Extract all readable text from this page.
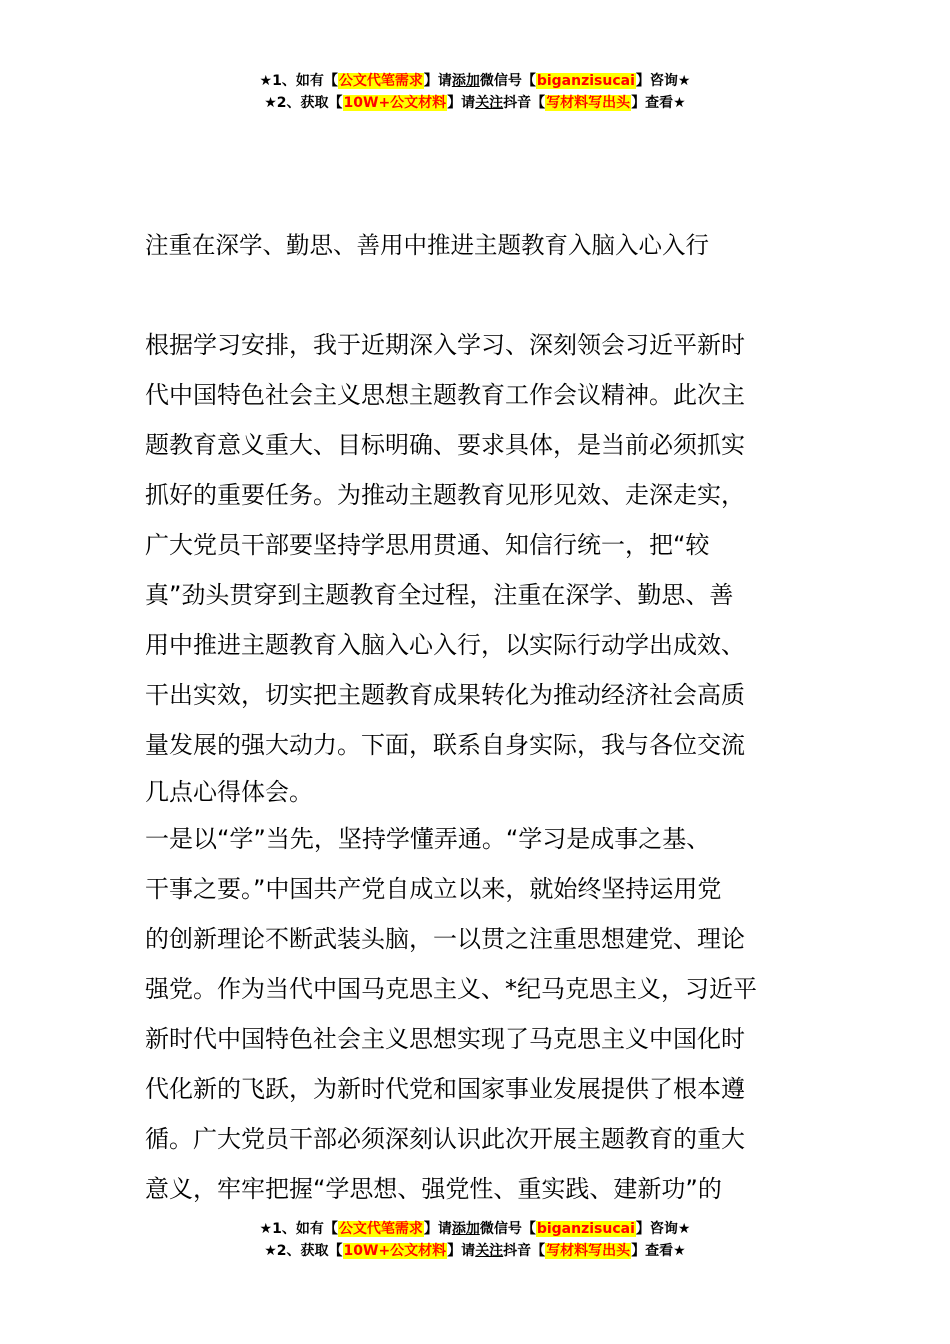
★1、如有【公文代笔需求】请添加微信号【biganzisucai】咨询★
★2、获取【10W+公文材料】请关注抖音【写材料写出头】查看★
注重在深学、勤思、善用中推进主题教育入脑入心入行
根据学习安排，我于近期深入学习、深刻领会习近平新时
代中国特色社会主义思想主题教育工作会议精神。此次主
题教育意义重大、目标明确、要求具体，是当前必须抓实
抓好的重要任务。为推动主题教育见形见效、走深走实，
广大党员干部要坚持学思用贯通、知信行统一，把“较
真”劲头贯穿到主题教育全过程，注重在深学、勤思、善
用中推进主题教育入脑入心入行，以实际行动学出成效、
干出实效，切实把主题教育成果转化为推动经济社会高质
量发展的强大动力。下面，联系自身实际，我与各位交流
几点心得体会。
一是以“学”当先，坚持学懂弄通。“学习是成事之基、
干事之要。”中国共产党自成立以来，就始终坚持运用党
的创新理论不断武装头脑，一以贯之注重思想建党、理论
强党。作为当代中国马克思主义、*纪马克思主义，习近平
新时代中国特色社会主义思想实现了马克思主义中国化时
代化新的飞跃，为新时代党和国家事业发展提供了根本遵
循。广大党员干部必须深刻认识此次开展主题教育的重大
意义，牢牢把握“学思想、强党性、重实践、建新功”的
★1、如有【公文代笔需求】请添加微信号【biganzisucai】咨询★
★2、获取【10W+公文材料】请关注抖音【写材料写出头】查看★
